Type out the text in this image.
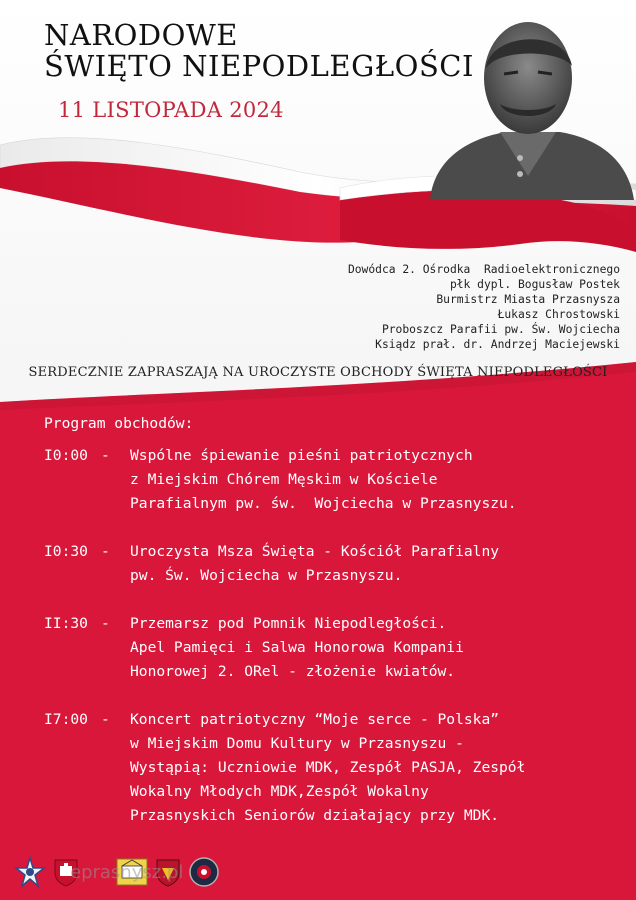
NARODOWE
ŚWIĘTO NIEPODLEGŁOŚCI
11 LISTOPADA 2024
Dowódca 2. Ośrodka  Radioelektronicznego
płk dypl. Bogusław Postek
Burmistrz Miasta Przasnysza
Łukasz Chrostowski
Proboszcz Parafii pw. Św. Wojciecha
Ksiądz prał. dr. Andrzej Maciejewski
SERDECZNIE ZAPRASZAJĄ NA UROCZYSTE OBCHODY ŚWIĘTA NIEPODLEGŁOŚCI
Program obchodów:
I0:00 - Wspólne śpiewanie pieśni patriotycznych
z Miejskim Chórem Męskim w Kościele
Parafialnym pw. św.  Wojciecha w Przasnyszu.
I0:30 - Uroczysta Msza Święta - Kościół Parafialny
pw. Św. Wojciecha w Przasnyszu.
II:30 - Przemarsz pod Pomnik Niepodległości.
Apel Pamięci i Salwa Honorowa Kompanii
Honorowej 2. ORel - złożenie kwiatów.
I7:00 - Koncert patriotyczny “Moje serce - Polska”
w Miejskim Domu Kultury w Przasnyszu -
Wystąpią: Uczniowie MDK, Zespół PASJA, Zespół
Wokalny Młodych MDK,Zespół Wokalny
Przasnyskich Seniorów działający przy MDK.
eprasnysz.pl
